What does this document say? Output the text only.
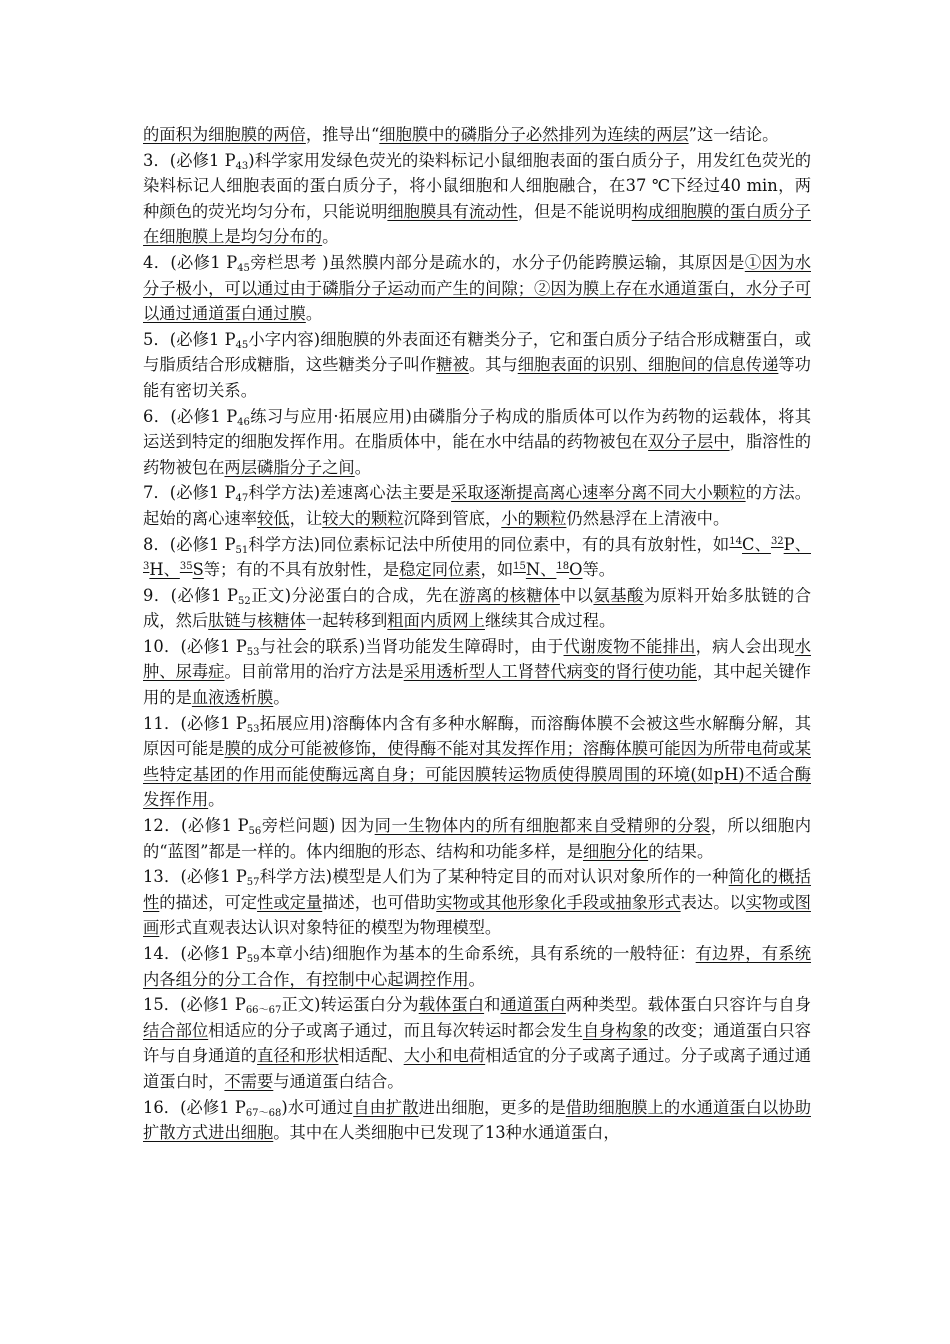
的面积为细胞膜的两倍，推导出“细胞膜中的磷脂分子必然排列为连续的两层”这一结论。

3．(必修1 $P_{43}$)科学家用发绿色荧光的染料标记小鼠细胞表面的蛋白质分子，用发红色荧光的染料标记人细胞表面的蛋白质分子，将小鼠细胞和人细胞融合，在37 ℃下经过40 min，两种颜色的荧光均匀分布，只能说明细胞膜具有流动性，但是不能说明构成细胞膜的蛋白质分子在细胞膜上是均匀分布的。

4．(必修1 $P_{45}$旁栏思考 )虽然膜内部分是疏水的，水分子仍能跨膜运输，其原因是①因为水分子极小，可以通过由于磷脂分子运动而产生的间隙；②因为膜上存在水通道蛋白，水分子可以通过通道蛋白通过膜。

5．(必修1 $P_{45}$小字内容)细胞膜的外表面还有糖类分子，它和蛋白质分子结合形成糖蛋白，或与脂质结合形成糖脂，这些糖类分子叫作糖被。其与细胞表面的识别、细胞间的信息传递等功能有密切关系。

6．(必修1 $P_{46}$练习与应用·拓展应用)由磷脂分子构成的脂质体可以作为药物的运载体，将其运送到特定的细胞发挥作用。在脂质体中，能在水中结晶的药物被包在双分子层中，脂溶性的药物被包在两层磷脂分子之间。

7．(必修1 $P_{47}$科学方法)差速离心法主要是采取逐渐提高离心速率分离不同大小颗粒的方法。起始的离心速率较低，让较大的颗粒沉降到管底，小的颗粒仍然悬浮在上清液中。

8．(必修1 $P_{51}$科学方法)同位素标记法中所使用的同位素中，有的具有放射性，如$^{14}$C、$^{32}$P、$^3$H、$^{35}$S等；有的不具有放射性，是稳定同位素，如$^{15}$N、$^{18}$O等。

9．(必修1 $P_{52}$正文)分泌蛋白的合成，先在游离的核糖体中以氨基酸为原料开始多肽链的合成，然后肽链与核糖体一起转移到粗面内质网上继续其合成过程。

10．(必修1 $P_{53}$与社会的联系)当肾功能发生障碍时，由于代谢废物不能排出，病人会出现水肿、尿毒症。目前常用的治疗方法是采用透析型人工肾替代病变的肾行使功能，其中起关键作用的是血液透析膜。

11．(必修1 $P_{53}$拓展应用)溶酶体内含有多种水解酶，而溶酶体膜不会被这些水解酶分解，其原因可能是膜的成分可能被修饰，使得酶不能对其发挥作用；溶酶体膜可能因为所带电荷或某些特定基团的作用而能使酶远离自身；可能因膜转运物质使得膜周围的环境(如pH)不适合酶发挥作用。

12．(必修1 $P_{56}$旁栏问题) 因为同一生物体内的所有细胞都来自受精卵的分裂，所以细胞内的“蓝图”都是一样的。体内细胞的形态、结构和功能多样，是细胞分化的结果。

13．(必修1 $P_{57}$科学方法)模型是人们为了某种特定目的而对认识对象所作的一种简化的概括性的描述，可定性或定量描述，也可借助实物或其他形象化手段或抽象形式表达。以实物或图画形式直观表达认识对象特征的模型为物理模型。

14．(必修1 $P_{59}$本章小结)细胞作为基本的生命系统，具有系统的一般特征：有边界，有系统内各组分的分工合作，有控制中心起调控作用。

15．(必修1 $P_{66\sim 67}$正文)转运蛋白分为载体蛋白和通道蛋白两种类型。载体蛋白只容许与自身结合部位相适应的分子或离子通过，而且每次转运时都会发生自身构象的改变；通道蛋白只容许与自身通道的直径和形状相适配、大小和电荷相适宜的分子或离子通过。分子或离子通过通道蛋白时，不需要与通道蛋白结合。

16．(必修1 $P_{67\sim 68}$)水可通过自由扩散进出细胞，更多的是借助细胞膜上的水通道蛋白以协助扩散方式进出细胞。其中在人类细胞中已发现了13种水通道蛋白，
